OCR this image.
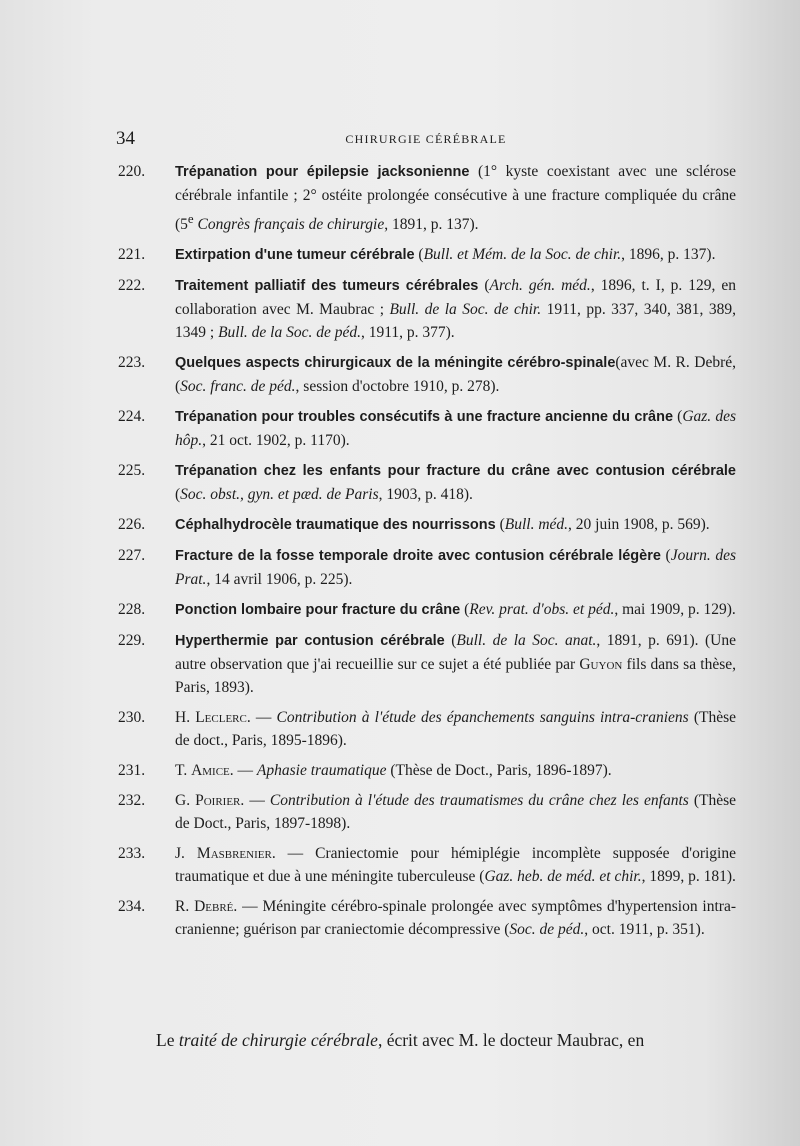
34	CHIRURGIE CÉRÉBRALE
220. Trépanation pour épilepsie jacksonienne (1° kyste coexistant avec une sclérose cérébrale infantile ; 2° ostéite prolongée consécutive à une fracture compliquée du crâne (5e Congrès français de chirurgie, 1891, p. 137).
221. Extirpation d'une tumeur cérébrale (Bull. et Mém. de la Soc. de chir., 1896, p. 137).
222. Traitement palliatif des tumeurs cérébrales (Arch. gén. méd., 1896, t. I, p. 129, en collaboration avec M. Maubrac ; Bull. de la Soc. de chir. 1911, pp. 337, 340, 381, 389, 1349 ; Bull. de la Soc. de péd., 1911, p. 377).
223. Quelques aspects chirurgicaux de la méningite cérébro-spinale(avec M. R. Debré, (Soc. franc. de péd., session d'octobre 1910, p. 278).
224. Trépanation pour troubles consécutifs à une fracture ancienne du crâne (Gaz. des hôp., 21 oct. 1902, p. 1170).
225. Trépanation chez les enfants pour fracture du crâne avec contusion cérébrale (Soc. obst., gyn. et pæd. de Paris, 1903, p. 418).
226. Céphalhydrocèle traumatique des nourrissons (Bull. méd., 20 juin 1908, p. 569).
227. Fracture de la fosse temporale droite avec contusion cérébrale légère (Journ. des Prat., 14 avril 1906, p. 225).
228. Ponction lombaire pour fracture du crâne (Rev. prat. d'obs. et péd., mai 1909, p. 129).
229. Hyperthermie par contusion cérébrale (Bull. de la Soc. anat., 1891, p. 691). (Une autre observation que j'ai recueillie sur ce sujet a été publiée par Guyon fils dans sa thèse, Paris, 1893).
230. H. Leclerc. — Contribution à l'étude des épanchements sanguins intra-craniens (Thèse de doct., Paris, 1895-1896).
231. T. Amice. — Aphasie traumatique (Thèse de Doct., Paris, 1896-1897).
232. G. Poirier. — Contribution à l'étude des traumatismes du crâne chez les enfants (Thèse de Doct., Paris, 1897-1898).
233. J. Masbrenier. — Craniectomie pour hémiplégie incomplète supposée d'origine traumatique et due à une méningite tuberculeuse (Gaz. heb. de méd. et chir., 1899, p. 181).
234. R. Debré. — Méningite cérébro-spinale prolongée avec symptômes d'hypertension intra-cranienne; guérison par craniectomie décompressive (Soc. de péd., oct. 1911, p. 351).
Le traité de chirurgie cérébrale, écrit avec M. le docteur Maubrac, en
